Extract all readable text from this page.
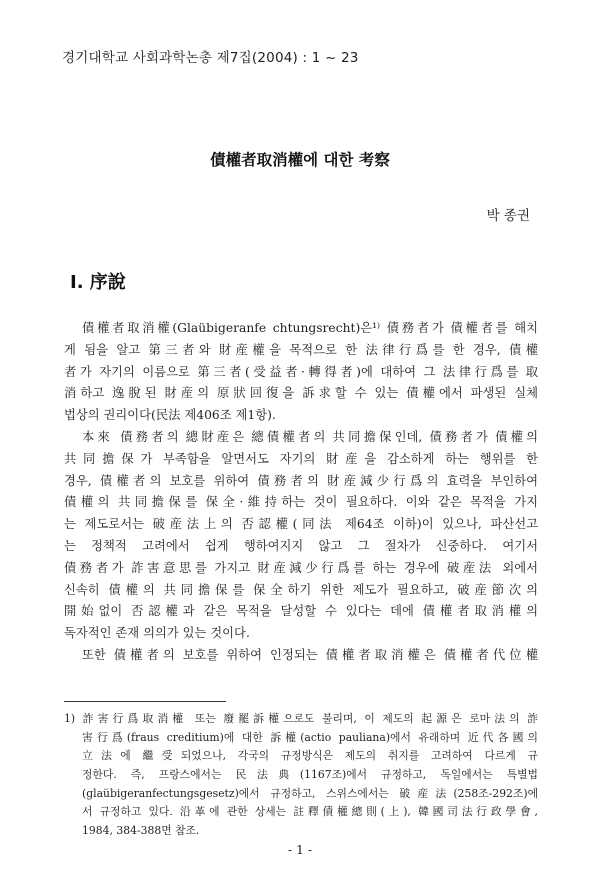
경기대학교 사회과학논총 제7집(2004) : 1 ~ 23
債權者取消權에 대한 考察
박 종권
Ⅰ. 序說
債權者取消權(Glaübigeranfe chtungsrecht)은¹⁾ 債務者가 債權者를 해치
게 됨을 알고 第三者와 財産權을 목적으로 한 法律行爲를 한 경우, 債權
者가 자기의 이름으로 第三者(受益者·轉得者)에 대하여 그 法律行爲를 取
消하고 逸脫된 財産의 原狀回復을 訴求할 수 있는 債權에서 파생된 실체
법상의 권리이다(民法 제406조 제1항).
本來 債務者의 總財産은 總債權者의 共同擔保인데, 債務者가 債權의
共同擔保가 부족함을 알면서도 자기의 財産을 감소하게 하는 행위를 한
경우, 債權者의 보호를 위하여 債務者의 財産減少行爲의 효력을 부인하여
債權의 共同擔保를 保全·維持하는 것이 필요하다. 이와 같은 목적을 가지
는 제도로서는 破産法上의 否認權(同法 제64조 이하)이 있으나, 파산선고
는 정책적 고려에서 쉽게 행하여지지 않고 그 절차가 신중하다. 여기서
債務者가 詐害意思를 가지고 財産減少行爲를 하는 경우에 破産法 외에서
신속히 債權의 共同擔保를 保全하기 위한 제도가 필요하고, 破産節次의
開始없이 否認權과 같은 목적을 달성할 수 있다는 데에 債權者取消權의
독자적인 존재 의의가 있는 것이다.
또한 債權者의 보호를 위하여 인정되는 債權者取消權은 債權者代位權
1) 詐害行爲取消權 또는 廢罷訴權으로도 불리며, 이 제도의 起源은 로마法의 詐
害行爲(fraus creditium)에 대한 訴權(actio pauliana)에서 유래하며 近代各國의
立法에 繼受되었으나, 각국의 규정방식은 제도의 취지를 고려하여 다르게 규
정한다. 즉, 프랑스에서는 民法典(1167조)에서 규정하고, 독일에서는 특별법
(glaübigeranfectungsgesetz)에서 규정하고, 스위스에서는 破産法(258조-292조)에
서 규정하고 있다. 沿革에 관한 상세는 註釋債權總則(上), 韓國司法行政學會,
1984, 384-388면 참조.
- 1 -
